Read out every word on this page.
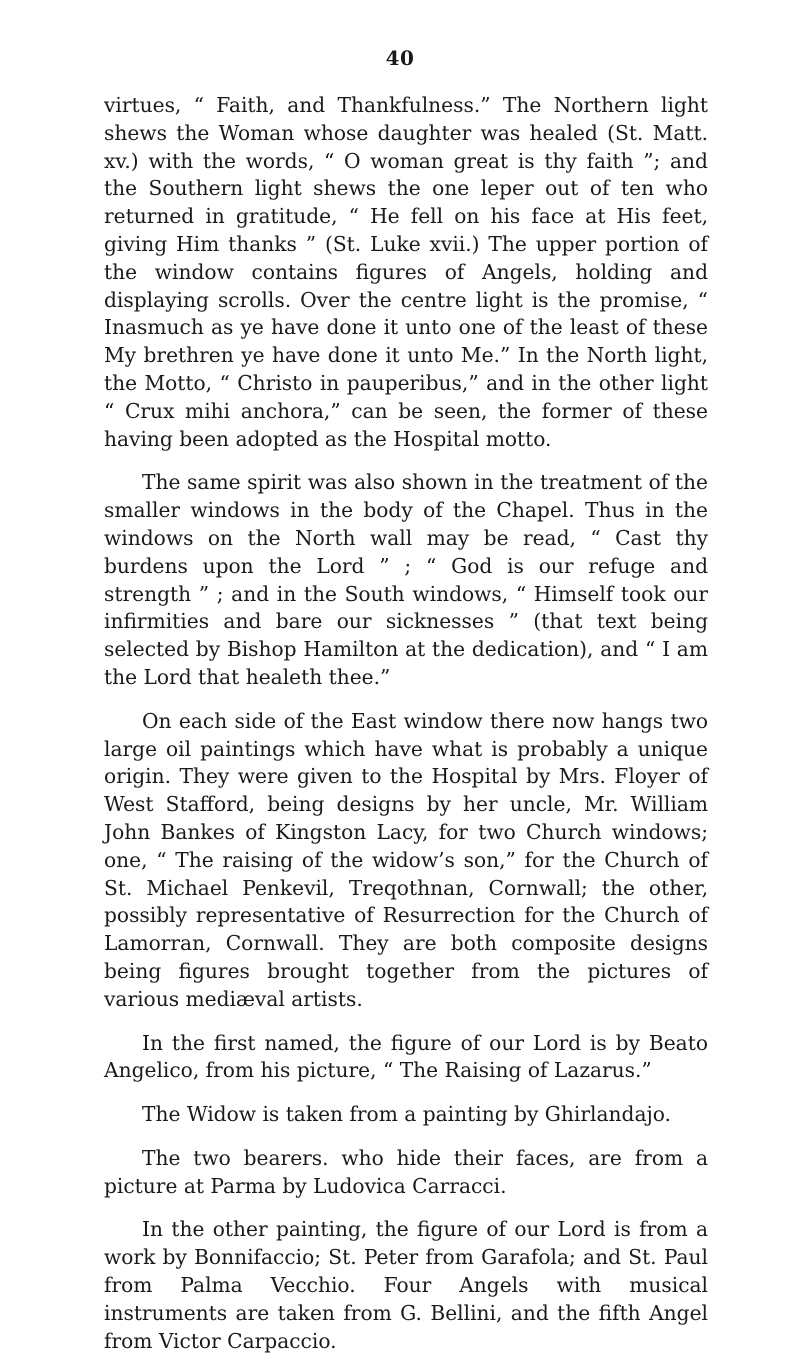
40

virtues, “ Faith, and Thankfulness.” The Northern light shews the Woman whose daughter was healed (St. Matt. xv.) with the words, “ O woman great is thy faith ”; and the Southern light shews the one leper out of ten who returned in gratitude, “ He fell on his face at His feet, giving Him thanks ” (St. Luke xvii.) The upper portion of the window contains figures of Angels, holding and displaying scrolls. Over the centre light is the promise, “ Inasmuch as ye have done it unto one of the least of these My brethren ye have done it unto Me.” In the North light, the Motto, “ Christo in pauperibus,” and in the other light “ Crux mihi anchora,” can be seen, the former of these having been adopted as the Hospital motto.

The same spirit was also shown in the treatment of the smaller windows in the body of the Chapel. Thus in the windows on the North wall may be read, “ Cast thy burdens upon the Lord ” ; “ God is our refuge and strength ” ; and in the South windows, “ Himself took our infirmities and bare our sicknesses ” (that text being selected by Bishop Hamilton at the dedication), and “ I am the Lord that healeth thee.”

On each side of the East window there now hangs two large oil paintings which have what is probably a unique origin. They were given to the Hospital by Mrs. Floyer of West Stafford, being designs by her uncle, Mr. William John Bankes of Kingston Lacy, for two Church windows; one, “ The raising of the widow’s son,” for the Church of St. Michael Penkevil, Treqothnan, Cornwall; the other, possibly representative of Resurrection for the Church of Lamorran, Cornwall. They are both composite designs being figures brought together from the pictures of various mediæval artists.

In the first named, the figure of our Lord is by Beato Angelico, from his picture, “ The Raising of Lazarus.”

The Widow is taken from a painting by Ghirlandajo.

The two bearers. who hide their faces, are from a picture at Parma by Ludovica Carracci.

In the other painting, the figure of our Lord is from a work by Bonnifaccio; St. Peter from Garafola; and St. Paul from Palma Vecchio. Four Angels with musical instruments are taken from G. Bellini, and the fifth Angel from Victor Carpaccio.
